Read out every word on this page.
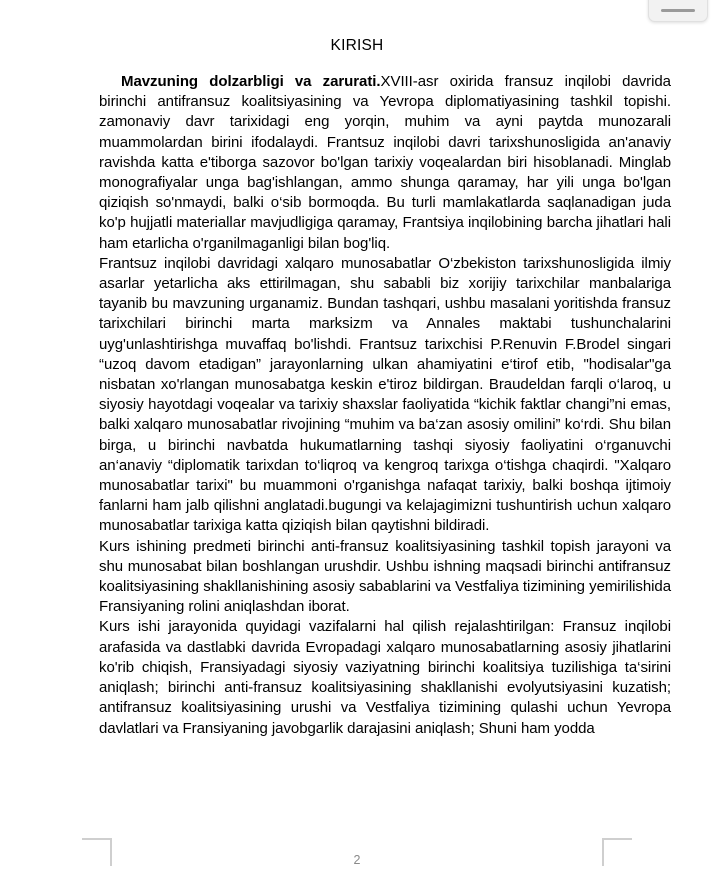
KIRISH

Mavzuning dolzarbligi va zarurati.XVIII-asr oxirida fransuz inqilobi davrida birinchi antifransuz koalitsiyasining va Yevropa diplomatiyasining tashkil topishi. zamonaviy davr tarixidagi eng yorqin, muhim va ayni paytda munozarali muammolardan birini ifodalaydi. Frantsuz inqilobi davri tarixshunosligida an'anaviy ravishda katta e'tiborga sazovor bo'lgan tarixiy voqealardan biri hisoblanadi. Minglab monografiyalar unga bag'ishlangan, ammo shunga qaramay, har yili unga bo'lgan qiziqish so'nmaydi, balki o‘sib bormoqda. Bu turli mamlakatlarda saqlanadigan juda ko'p hujjatli materiallar mavjudligiga qaramay, Frantsiya inqilobining barcha jihatlari hali ham etarlicha o'rganilmaganligi bilan bog'liq.

Frantsuz inqilobi davridagi xalqaro munosabatlar O‘zbekiston tarixshunosligida ilmiy asarlar yetarlicha aks ettirilmagan, shu sababli biz xorijiy tarixchilar manbalariga tayanib bu mavzuning urganamiz. Bundan tashqari, ushbu masalani yoritishda fransuz tarixchilari birinchi marta marksizm va Annales maktabi tushunchalarini uyg'unlashtirishga muvaffaq bo'lishdi. Frantsuz tarixchisi P.Renuvin F.Brodel singari “uzoq davom etadigan” jarayonlarning ulkan ahamiyatini e‘tirof etib, "hodisalar"ga nisbatan xo'rlangan munosabatga keskin e'tiroz bildirgan. Braudeldan farqli o‘laroq, u siyosiy hayotdagi voqealar va tarixiy shaxslar faoliyatida “kichik faktlar changi”ni emas, balki xalqaro munosabatlar rivojining “muhim va ba‘zan asosiy omilini” ko‘rdi. Shu bilan birga, u birinchi navbatda hukumatlarning tashqi siyosiy faoliyatini o‘rganuvchi an‘anaviy “diplomatik tarixdan to‘liqroq va kengroq tarixga o‘tishga chaqirdi. "Xalqaro munosabatlar tarixi" bu muammoni o'rganishga nafaqat tarixiy, balki boshqa ijtimoiy fanlarni ham jalb qilishni anglatadi.bugungi va kelajagimizni tushuntirish uchun xalqaro munosabatlar tarixiga katta qiziqish bilan qaytishni bildiradi.

Kurs ishining predmeti birinchi anti-fransuz koalitsiyasining tashkil topish jarayoni va shu munosabat bilan boshlangan urushdir. Ushbu ishning maqsadi birinchi antifransuz koalitsiyasining shakllanishining asosiy sabablarini va Vestfaliya tizimining yemirilishida Fransiyaning rolini aniqlashdan iborat.

Kurs ishi jarayonida quyidagi vazifalarni hal qilish rejalashtirilgan: Fransuz inqilobi arafasida va dastlabki davrida Evropadagi xalqaro munosabatlarning asosiy jihatlarini ko'rib chiqish, Fransiyadagi siyosiy vaziyatning birinchi koalitsiya tuzilishiga ta‘sirini aniqlash; birinchi anti-fransuz koalitsiyasining shakllanishi evolyutsiyasini kuzatish; antifransuz koalitsiyasining urushi va Vestfaliya tizimining qulashi uchun Yevropa davlatlari va Fransiyaning javobgarlik darajasini aniqlash; Shuni ham yodda

2
